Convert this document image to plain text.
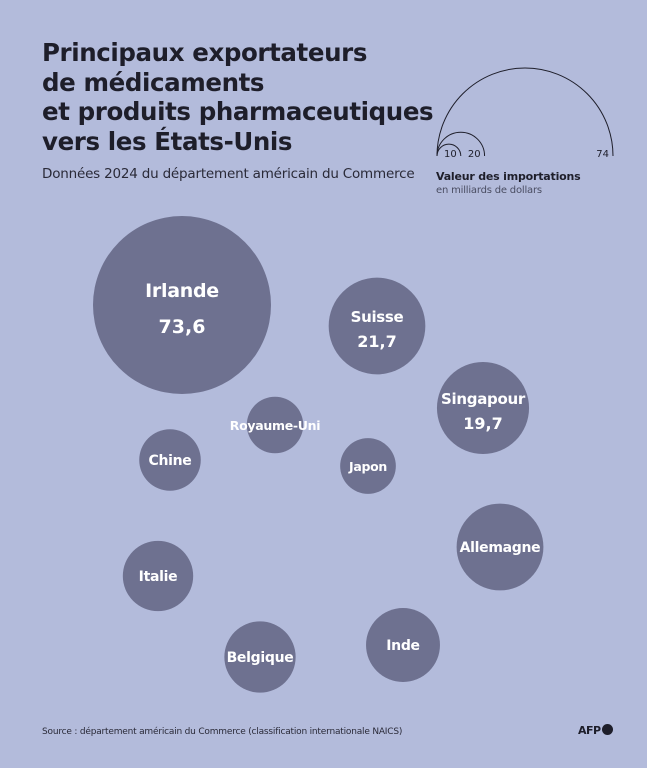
Principaux exportateurs
de médicaments
et produits pharmaceutiques
vers les États-Unis

Données 2024 du département américain du Commerce

10 20	74

Valeur des importations

en milliards de dollars

Irlande
73,6	Suisse
21,7
Singapour
19,7
Allemagne
Italie
Belgique
Inde
Chine
Royaume-Uni
Japon

Source : département américain du Commerce (classification internationale NAICS)	AFP
